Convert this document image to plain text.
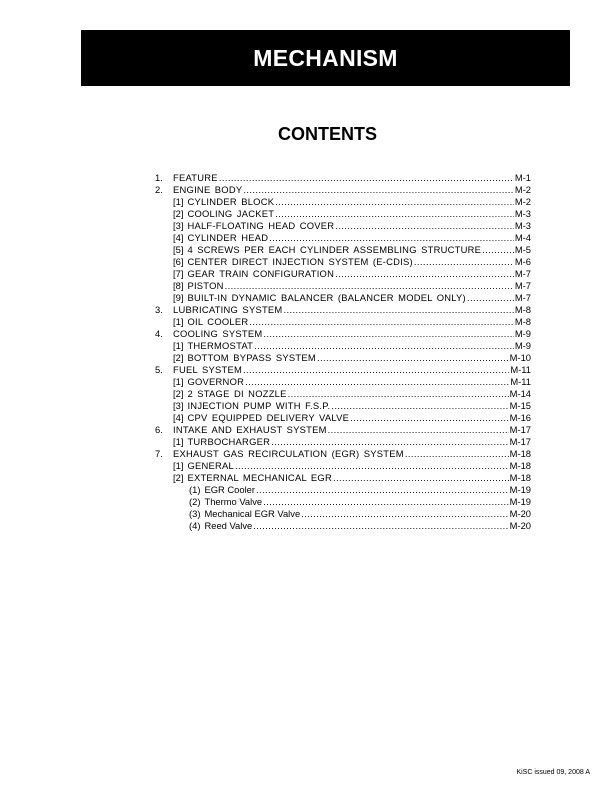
MECHANISM
CONTENTS
1. FEATURE .....	M-1
2. ENGINE BODY .....	M-2
[1] CYLINDER BLOCK .....	M-2
[2] COOLING JACKET .....	M-3
[3] HALF-FLOATING HEAD COVER .....	M-3
[4] CYLINDER HEAD .....	M-4
[5] 4 SCREWS PER EACH CYLINDER ASSEMBLING STRUCTURE .....	M-5
[6] CENTER DIRECT INJECTION SYSTEM (E-CDIS) .....	M-6
[7] GEAR TRAIN CONFIGURATION .....	M-7
[8] PISTON .....	M-7
[9] BUILT-IN DYNAMIC BALANCER (BALANCER MODEL ONLY) .....	M-7
3. LUBRICATING SYSTEM .....	M-8
[1] OIL COOLER .....	M-8
4. COOLING SYSTEM .....	M-9
[1] THERMOSTAT .....	M-9
[2] BOTTOM BYPASS SYSTEM .....	M-10
5. FUEL SYSTEM .....	M-11
[1] GOVERNOR .....	M-11
[2] 2 STAGE DI NOZZLE .....	M-14
[3] INJECTION PUMP WITH F.S.P. .....	M-15
[4] CPV EQUIPPED DELIVERY VALVE .....	M-16
6. INTAKE AND EXHAUST SYSTEM .....	M-17
[1] TURBOCHARGER .....	M-17
7. EXHAUST GAS RECIRCULATION (EGR) SYSTEM .....	M-18
[1] GENERAL .....	M-18
[2] EXTERNAL MECHANICAL EGR .....	M-18
(1) EGR Cooler .....	M-19
(2) Thermo Valve .....	M-19
(3) Mechanical EGR Valve .....	M-20
(4) Reed Valve .....	M-20
KiSC issued 09, 2008 A
